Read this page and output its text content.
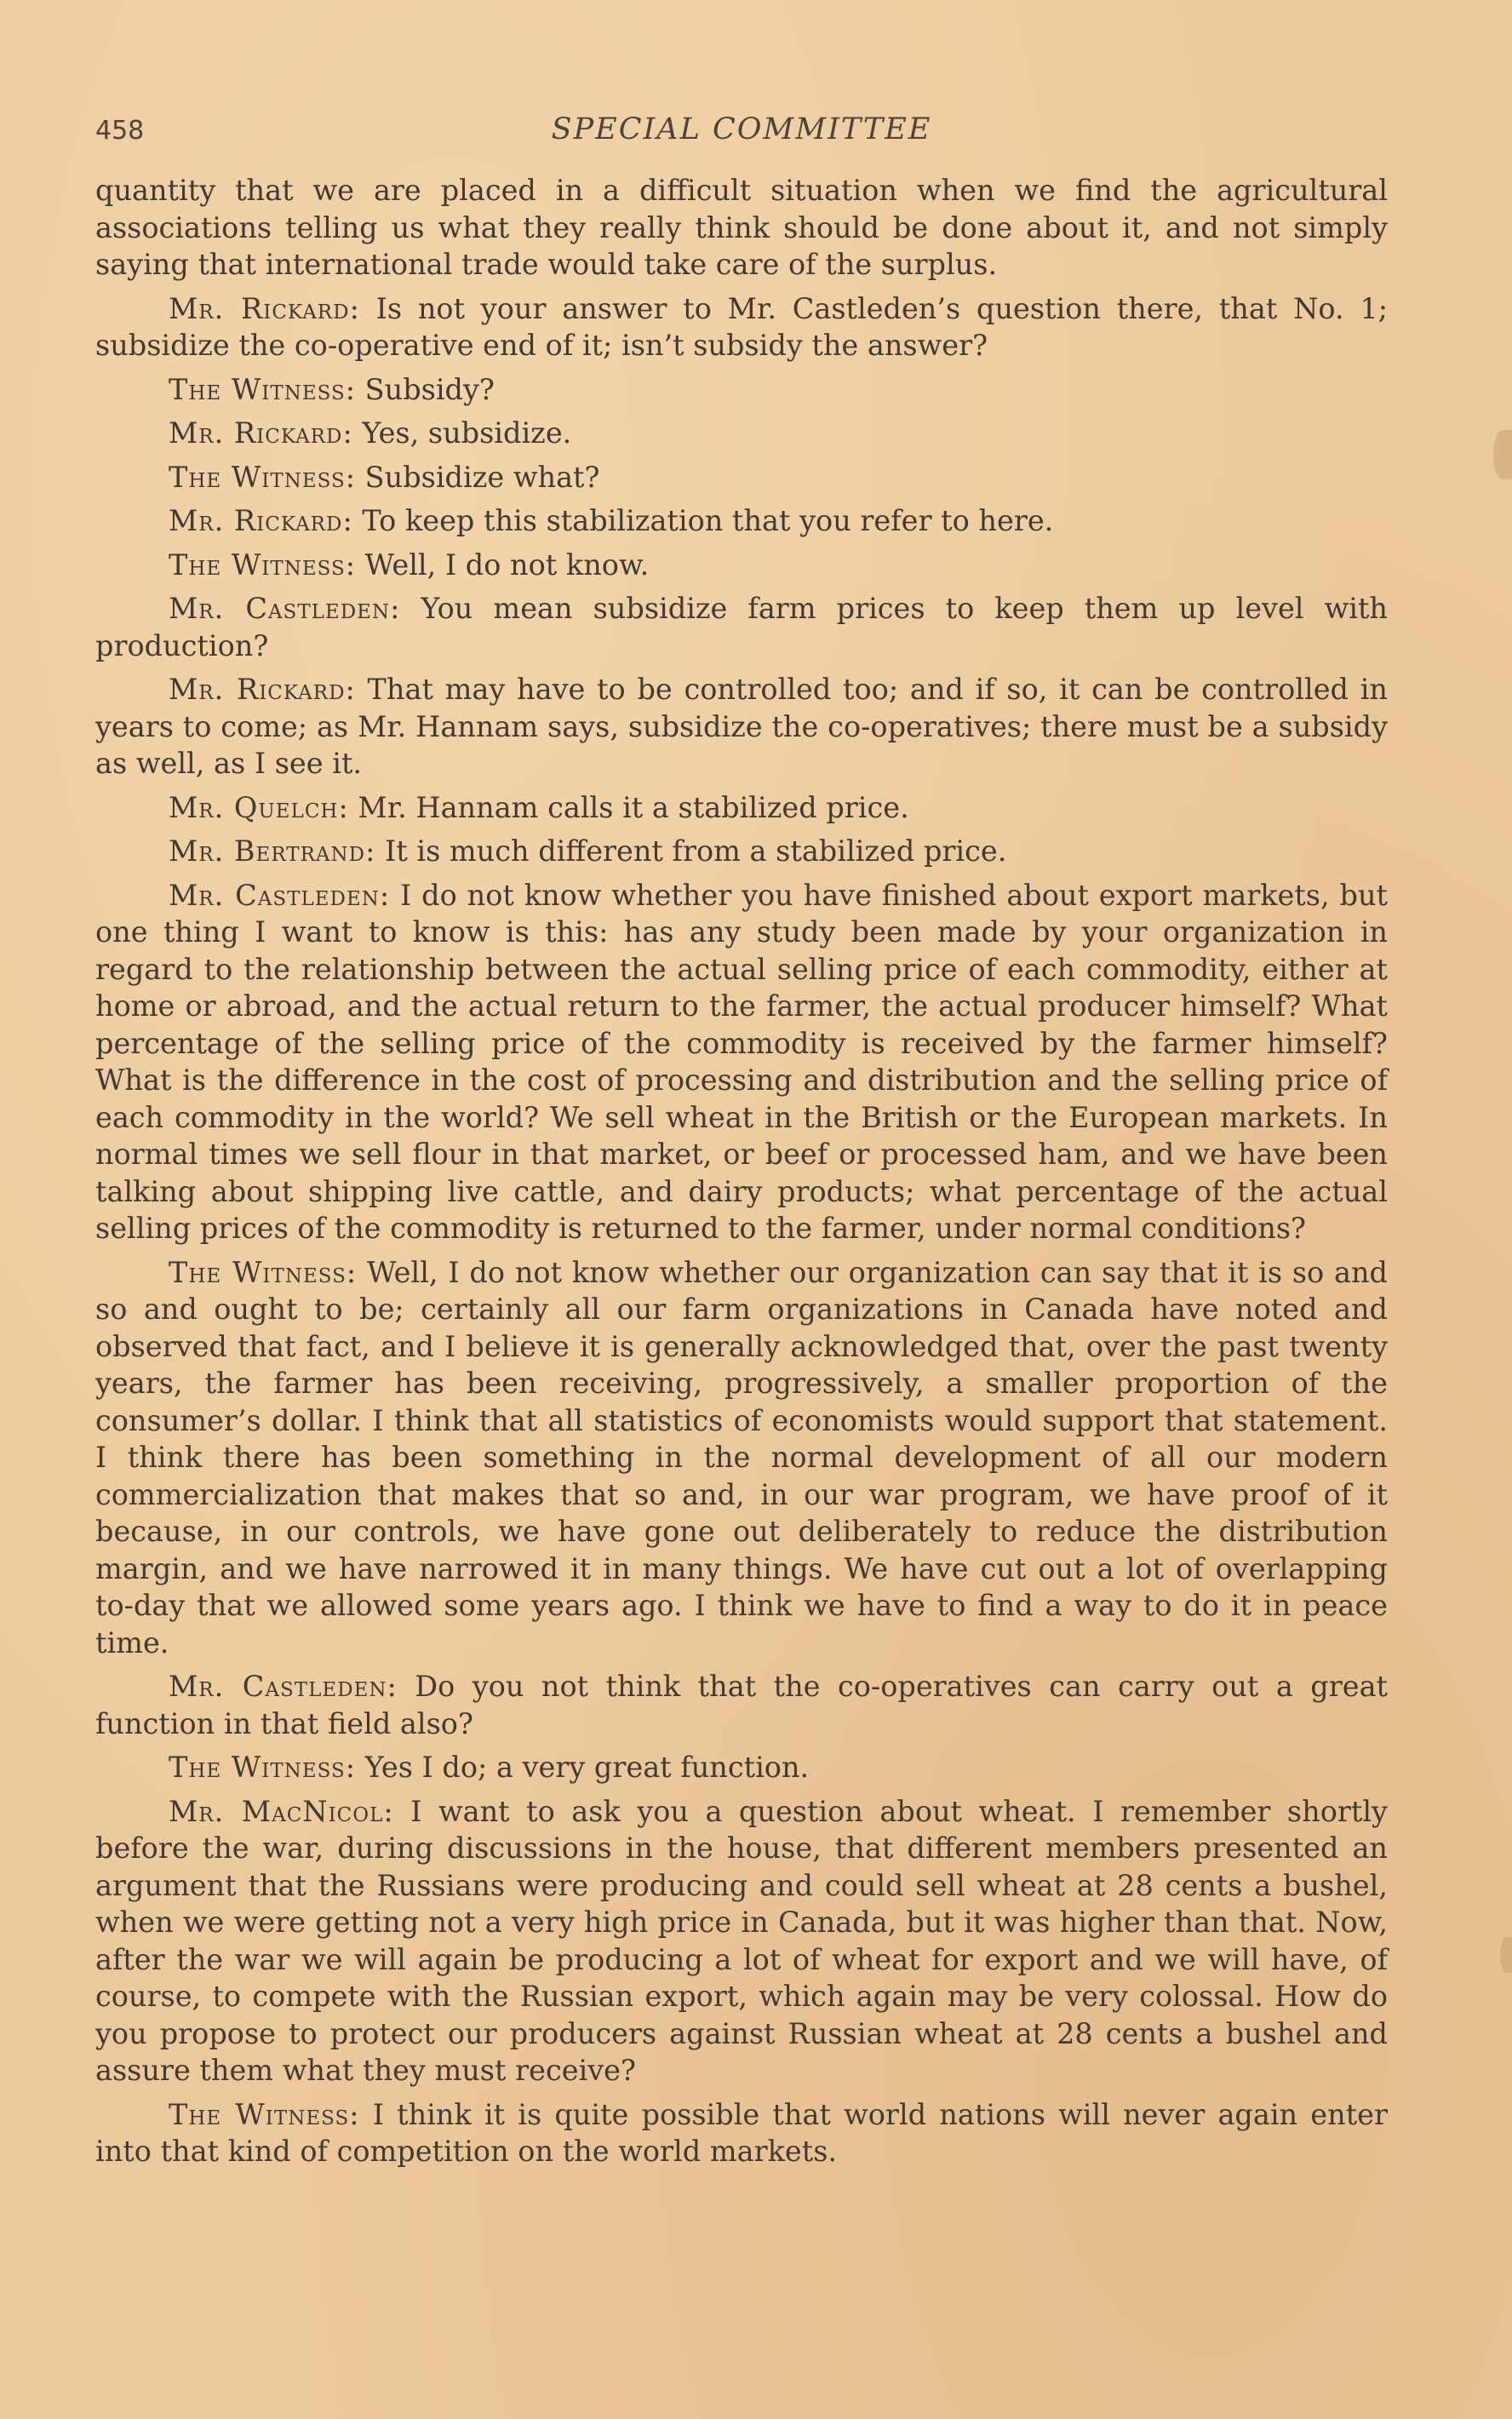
458	SPECIAL COMMITTEE

quantity that we are placed in a difficult situation when we find the agricultural associations telling us what they really think should be done about it, and not simply saying that international trade would take care of the surplus.

Mr. Rickard: Is not your answer to Mr. Castleden’s question there, that No. 1; subsidize the co-operative end of it; isn’t subsidy the answer?

The Witness: Subsidy?

Mr. Rickard: Yes, subsidize.

The Witness: Subsidize what?

Mr. Rickard: To keep this stabilization that you refer to here.

The Witness: Well, I do not know.

Mr. Castleden: You mean subsidize farm prices to keep them up level with production?

Mr. Rickard: That may have to be controlled too; and if so, it can be controlled in years to come; as Mr. Hannam says, subsidize the co-operatives; there must be a subsidy as well, as I see it.

Mr. Quelch: Mr. Hannam calls it a stabilized price.

Mr. Bertrand: It is much different from a stabilized price.

Mr. Castleden: I do not know whether you have finished about export markets, but one thing I want to know is this: has any study been made by your organization in regard to the relationship between the actual selling price of each commodity, either at home or abroad, and the actual return to the farmer, the actual producer himself? What percentage of the selling price of the commodity is received by the farmer himself? What is the difference in the cost of processing and distribution and the selling price of each commodity in the world? We sell wheat in the British or the European markets. In normal times we sell flour in that market, or beef or processed ham, and we have been talking about shipping live cattle, and dairy products; what percentage of the actual selling prices of the commodity is returned to the farmer, under normal conditions?

The Witness: Well, I do not know whether our organization can say that it is so and so and ought to be; certainly all our farm organizations in Canada have noted and observed that fact, and I believe it is generally acknowledged that, over the past twenty years, the farmer has been receiving, progressively, a smaller proportion of the consumer’s dollar. I think that all statistics of economists would support that statement. I think there has been something in the normal development of all our modern commercialization that makes that so and, in our war program, we have proof of it because, in our controls, we have gone out deliberately to reduce the distribution margin, and we have narrowed it in many things. We have cut out a lot of overlapping to-day that we allowed some years ago. I think we have to find a way to do it in peace time.

Mr. Castleden: Do you not think that the co-operatives can carry out a great function in that field also?

The Witness: Yes I do; a very great function.

Mr. MacNicol: I want to ask you a question about wheat. I remember shortly before the war, during discussions in the house, that different members presented an argument that the Russians were producing and could sell wheat at 28 cents a bushel, when we were getting not a very high price in Canada, but it was higher than that. Now, after the war we will again be producing a lot of wheat for export and we will have, of course, to compete with the Russian export, which again may be very colossal. How do you propose to protect our producers against Russian wheat at 28 cents a bushel and assure them what they must receive?

The Witness: I think it is quite possible that world nations will never again enter into that kind of competition on the world markets.
